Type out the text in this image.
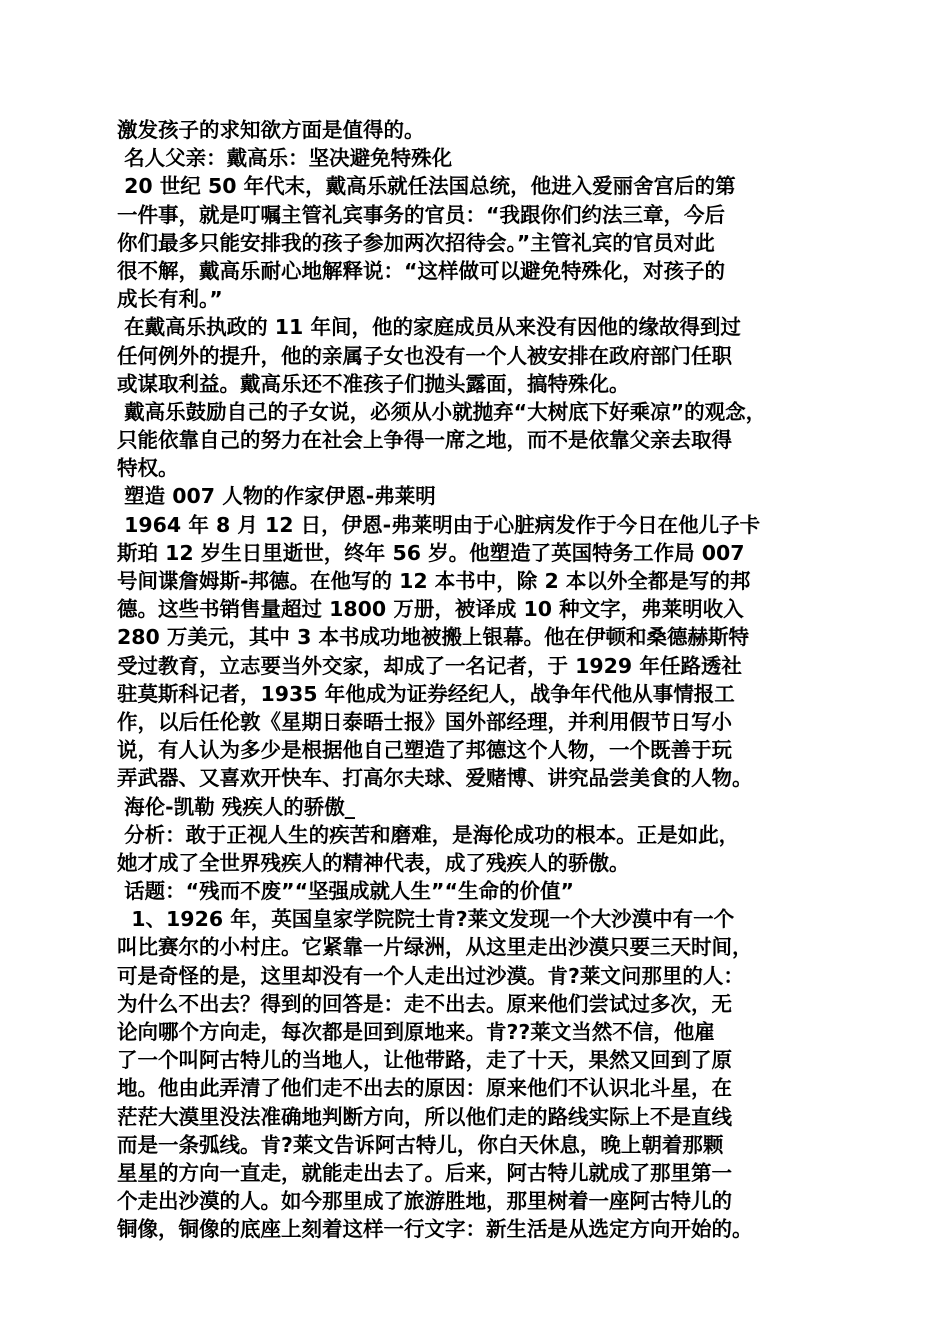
激发孩子的求知欲方面是值得的。
名人父亲：戴高乐：坚决避免特殊化
20 世纪 50 年代末，戴高乐就任法国总统，他进入爱丽舍宫后的第
一件事，就是叮嘱主管礼宾事务的官员：“我跟你们约法三章，今后
你们最多只能安排我的孩子参加两次招待会。”主管礼宾的官员对此
很不解，戴高乐耐心地解释说：“这样做可以避免特殊化，对孩子的
成长有利。”
在戴高乐执政的 11 年间，他的家庭成员从来没有因他的缘故得到过
任何例外的提升，他的亲属子女也没有一个人被安排在政府部门任职
或谋取利益。戴高乐还不准孩子们抛头露面，搞特殊化。
戴高乐鼓励自己的子女说，必须从小就抛弃“大树底下好乘凉”的观念，
只能依靠自己的努力在社会上争得一席之地，而不是依靠父亲去取得
特权。
塑造 007 人物的作家伊恩-弗莱明
1964 年 8 月 12 日，伊恩-弗莱明由于心脏病发作于今日在他儿子卡
斯珀 12 岁生日里逝世，终年 56 岁。他塑造了英国特务工作局 007
号间谍詹姆斯-邦德。在他写的 12 本书中，除 2 本以外全都是写的邦
德。这些书销售量超过 1800 万册，被译成 10 种文字，弗莱明收入
280 万美元，其中 3 本书成功地被搬上银幕。他在伊顿和桑德赫斯特
受过教育，立志要当外交家，却成了一名记者，于 1929 年任路透社
驻莫斯科记者，1935 年他成为证券经纪人，战争年代他从事情报工
作，以后任伦敦《星期日泰晤士报》国外部经理，并利用假节日写小
说，有人认为多少是根据他自己塑造了邦德这个人物，一个既善于玩
弄武器、又喜欢开快车、打高尔夫球、爱赌博、讲究品尝美食的人物。
海伦-凯勒 残疾人的骄傲_
分析：敢于正视人生的疾苦和磨难，是海伦成功的根本。正是如此，
她才成了全世界残疾人的精神代表，成了残疾人的骄傲。
话题：“残而不废”“坚强成就人生”“生命的价值”
1、1926 年，英国皇家学院院士肯?莱文发现一个大沙漠中有一个
叫比赛尔的小村庄。它紧靠一片绿洲，从这里走出沙漠只要三天时间，
可是奇怪的是，这里却没有一个人走出过沙漠。肯?莱文问那里的人：
为什么不出去？得到的回答是：走不出去。原来他们尝试过多次，无
论向哪个方向走，每次都是回到原地来。肯??莱文当然不信，他雇
了一个叫阿古特儿的当地人，让他带路，走了十天，果然又回到了原
地。他由此弄清了他们走不出去的原因：原来他们不认识北斗星，在
茫茫大漠里没法准确地判断方向，所以他们走的路线实际上不是直线
而是一条弧线。肯?莱文告诉阿古特儿，你白天休息，晚上朝着那颗
星星的方向一直走，就能走出去了。后来，阿古特儿就成了那里第一
个走出沙漠的人。如今那里成了旅游胜地，那里树着一座阿古特儿的
铜像，铜像的底座上刻着这样一行文字：新生活是从选定方向开始的。
